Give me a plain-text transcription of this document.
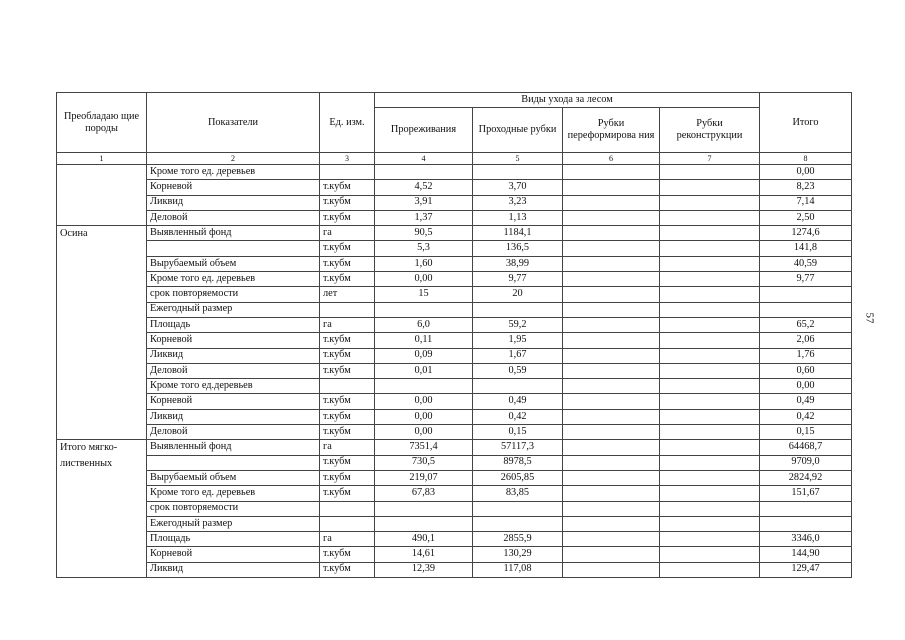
Преобладаю щие породы	Показатели	Ед. изм.	Виды ухода за лесом				Итого
			Прореживания	Проходные рубки	Рубки переформирова ния	Рубки реконструкции	
1	2	3	4	5	6	7	8
	Кроме того ед. деревьев						0,00
	Корневой	т.кубм	4,52	3,70			8,23
	Ликвид	т.кубм	3,91	3,23			7,14
	Деловой	т.кубм	1,37	1,13			2,50
Осина	Выявленный фонд	га	90,5	1184,1			1274,6
		т.кубм	5,3	136,5			141,8
	Вырубаемый объем	т.кубм	1,60	38,99			40,59
	Кроме того ед. деревьев	т.кубм	0,00	9,77			9,77
	срок повторяемости	лет	15	20			
	Ежегодный размер						
	Площадь	га	6,0	59,2			65,2
	Корневой	т.кубм	0,11	1,95			2,06
	Ликвид	т.кубм	0,09	1,67			1,76
	Деловой	т.кубм	0,01	0,59			0,60
	Кроме того ед.деревьев						0,00
	Корневой	т.кубм	0,00	0,49			0,49
	Ликвид	т.кубм	0,00	0,42			0,42
	Деловой	т.кубм	0,00	0,15			0,15
Итого мягко- лиственных	Выявленный фонд	га	7351,4	57117,3			64468,7
		т.кубм	730,5	8978,5			9709,0
	Вырубаемый объем	т.кубм	219,07	2605,85			2824,92
	Кроме того ед. деревьев	т.кубм	67,83	83,85			151,67
	срок повторяемости						
	Ежегодный размер						
	Площадь	га	490,1	2855,9			3346,0
	Корневой	т.кубм	14,61	130,29			144,90
	Ликвид	т.кубм	12,39	117,08			129,47
57
